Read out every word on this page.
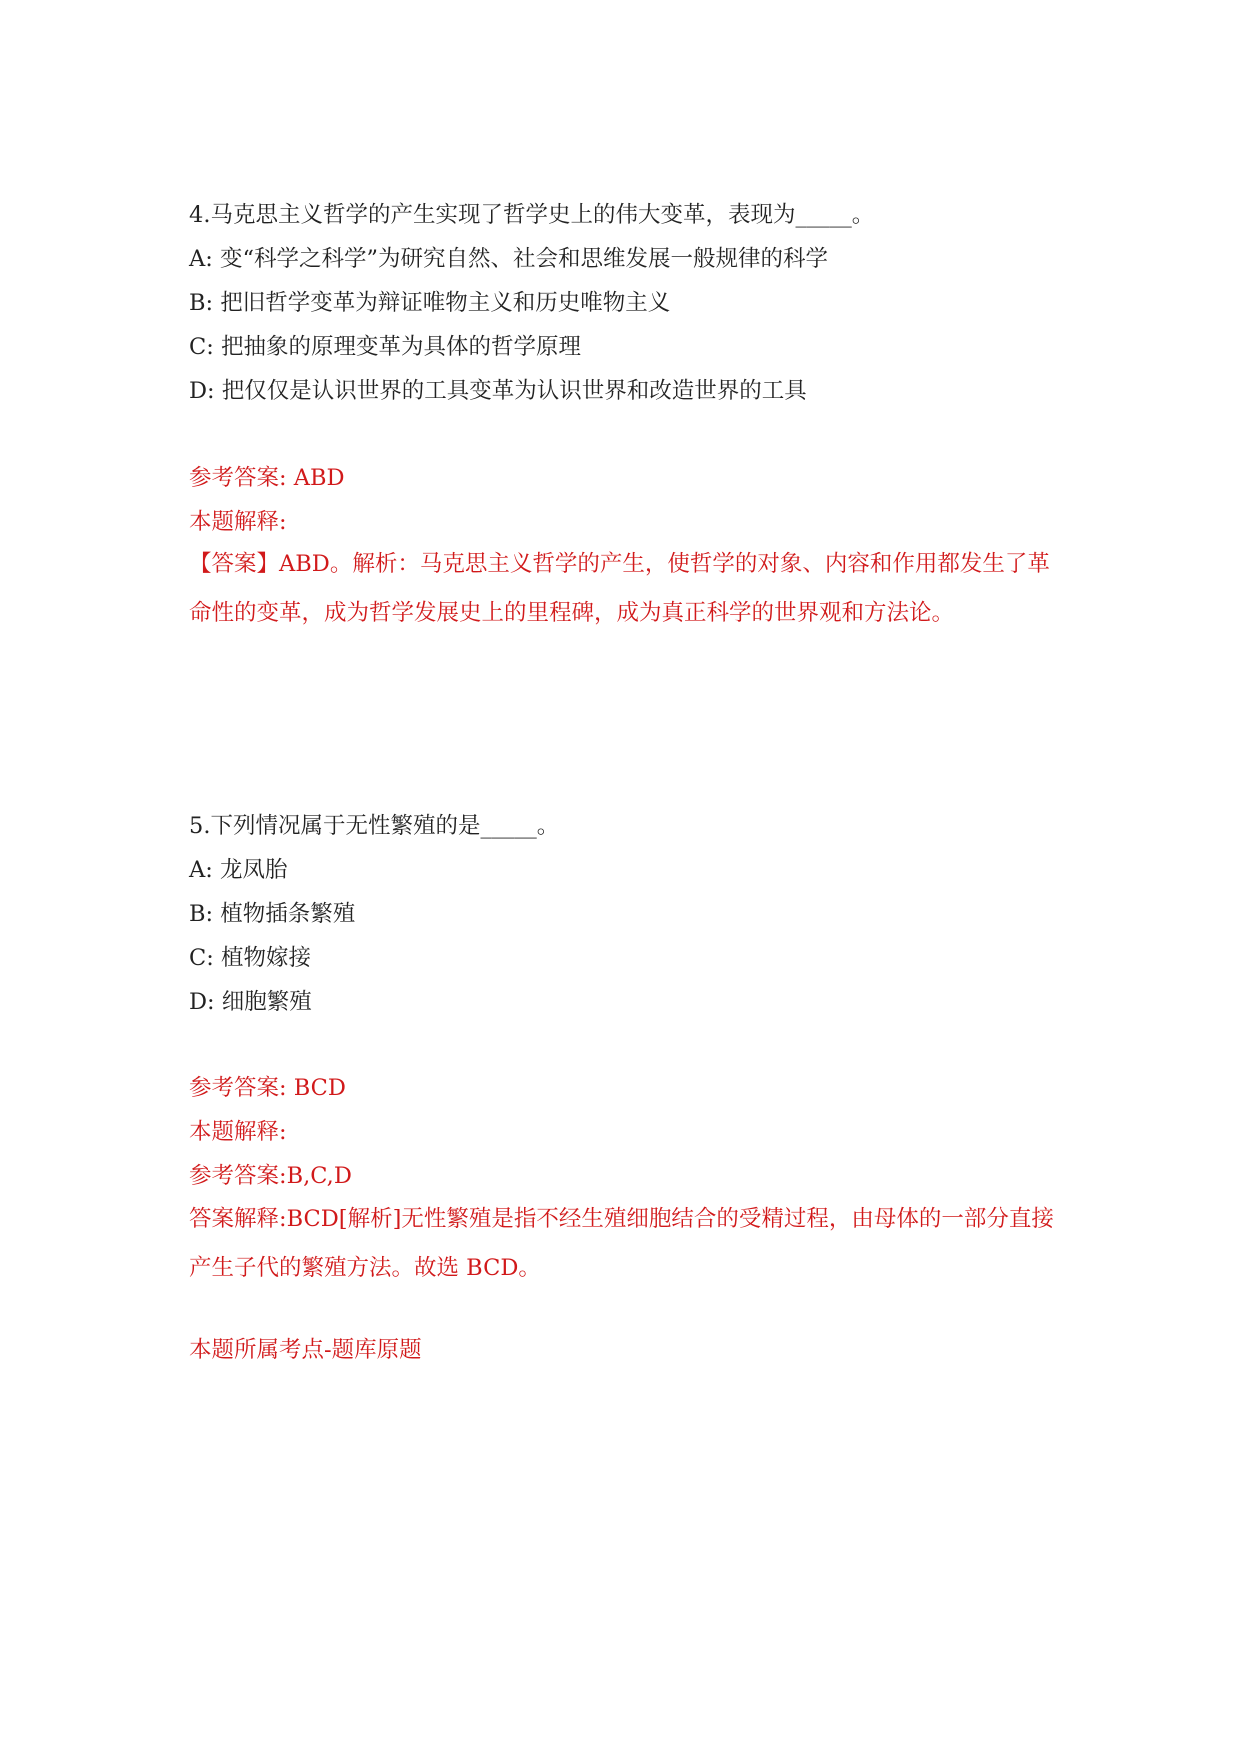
4.马克思主义哲学的产生实现了哲学史上的伟大变革，表现为_____。
A: 变“科学之科学”为研究自然、社会和思维发展一般规律的科学
B: 把旧哲学变革为辩证唯物主义和历史唯物主义
C: 把抽象的原理变革为具体的哲学原理
D: 把仅仅是认识世界的工具变革为认识世界和改造世界的工具
参考答案: ABD
本题解释:
【答案】ABD。解析：马克思主义哲学的产生，使哲学的对象、内容和作用都发生了革命性的变革，成为哲学发展史上的里程碑，成为真正科学的世界观和方法论。
5.下列情况属于无性繁殖的是_____。
A: 龙凤胎
B: 植物插条繁殖
C: 植物嫁接
D: 细胞繁殖
参考答案: BCD
本题解释:
参考答案:B,C,D
答案解释:BCD[解析]无性繁殖是指不经生殖细胞结合的受精过程，由母体的一部分直接产生子代的繁殖方法。故选 BCD。
本题所属考点-题库原题
